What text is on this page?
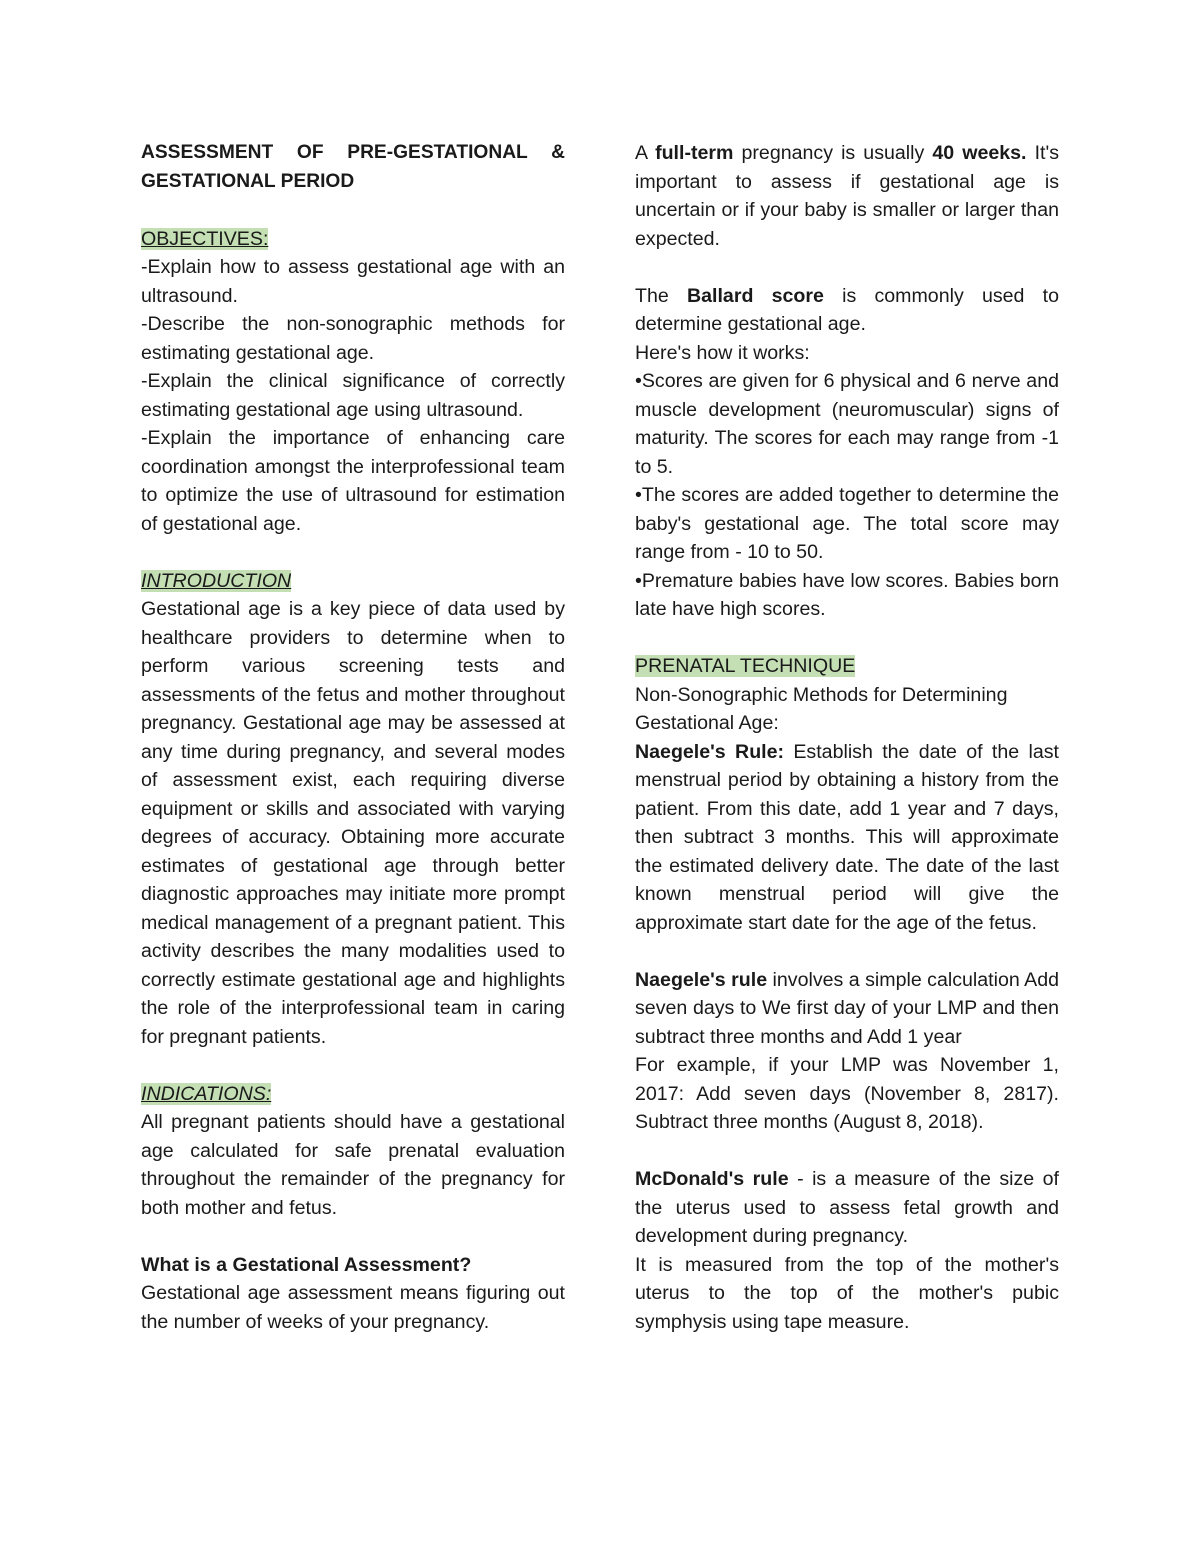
ASSESSMENT OF PRE-GESTATIONAL & GESTATIONAL PERIOD

OBJECTIVES:

-Explain how to assess gestational age with an ultrasound.

-Describe the non-sonographic methods for estimating gestational age.

-Explain the clinical significance of correctly estimating gestational age using ultrasound.

-Explain the importance of enhancing care coordination amongst the interprofessional team to optimize the use of ultrasound for estimation of gestational age.

INTRODUCTION

Gestational age is a key piece of data used by healthcare providers to determine when to perform various screening tests and assessments of the fetus and mother throughout pregnancy. Gestational age may be assessed at any time during pregnancy, and several modes of assessment exist, each requiring diverse equipment or skills and associated with varying degrees of accuracy. Obtaining more accurate estimates of gestational age through better diagnostic approaches may initiate more prompt medical management of a pregnant patient. This activity describes the many modalities used to correctly estimate gestational age and highlights the role of the interprofessional team in caring for pregnant patients.

INDICATIONS:

All pregnant patients should have a gestational age calculated for safe prenatal evaluation throughout the remainder of the pregnancy for both mother and fetus.

What is a Gestational Assessment?

Gestational age assessment means figuring out the number of weeks of your pregnancy.

A full-term pregnancy is usually 40 weeks. It's important to assess if gestational age is uncertain or if your baby is smaller or larger than expected.

The Ballard score is commonly used to determine gestational age.

Here's how it works:

•Scores are given for 6 physical and 6 nerve and muscle development (neuromuscular) signs of maturity. The scores for each may range from -1 to 5.

•The scores are added together to determine the baby's gestational age. The total score may range from - 10 to 50.

•Premature babies have low scores. Babies born late have high scores.

PRENATAL TECHNIQUE

Non-Sonographic Methods for Determining Gestational Age:

Naegele's Rule: Establish the date of the last menstrual period by obtaining a history from the patient. From this date, add 1 year and 7 days, then subtract 3 months. This will approximate the estimated delivery date. The date of the last known menstrual period will give the approximate start date for the age of the fetus.

Naegele's rule involves a simple calculation Add seven days to We first day of your LMP and then subtract three months and Add 1 year

For example, if your LMP was November 1, 2017: Add seven days (November 8, 2817). Subtract three months (August 8, 2018).

McDonald's rule - is a measure of the size of the uterus used to assess fetal growth and development during pregnancy.

It is measured from the top of the mother's uterus to the top of the mother's pubic symphysis using tape measure.
